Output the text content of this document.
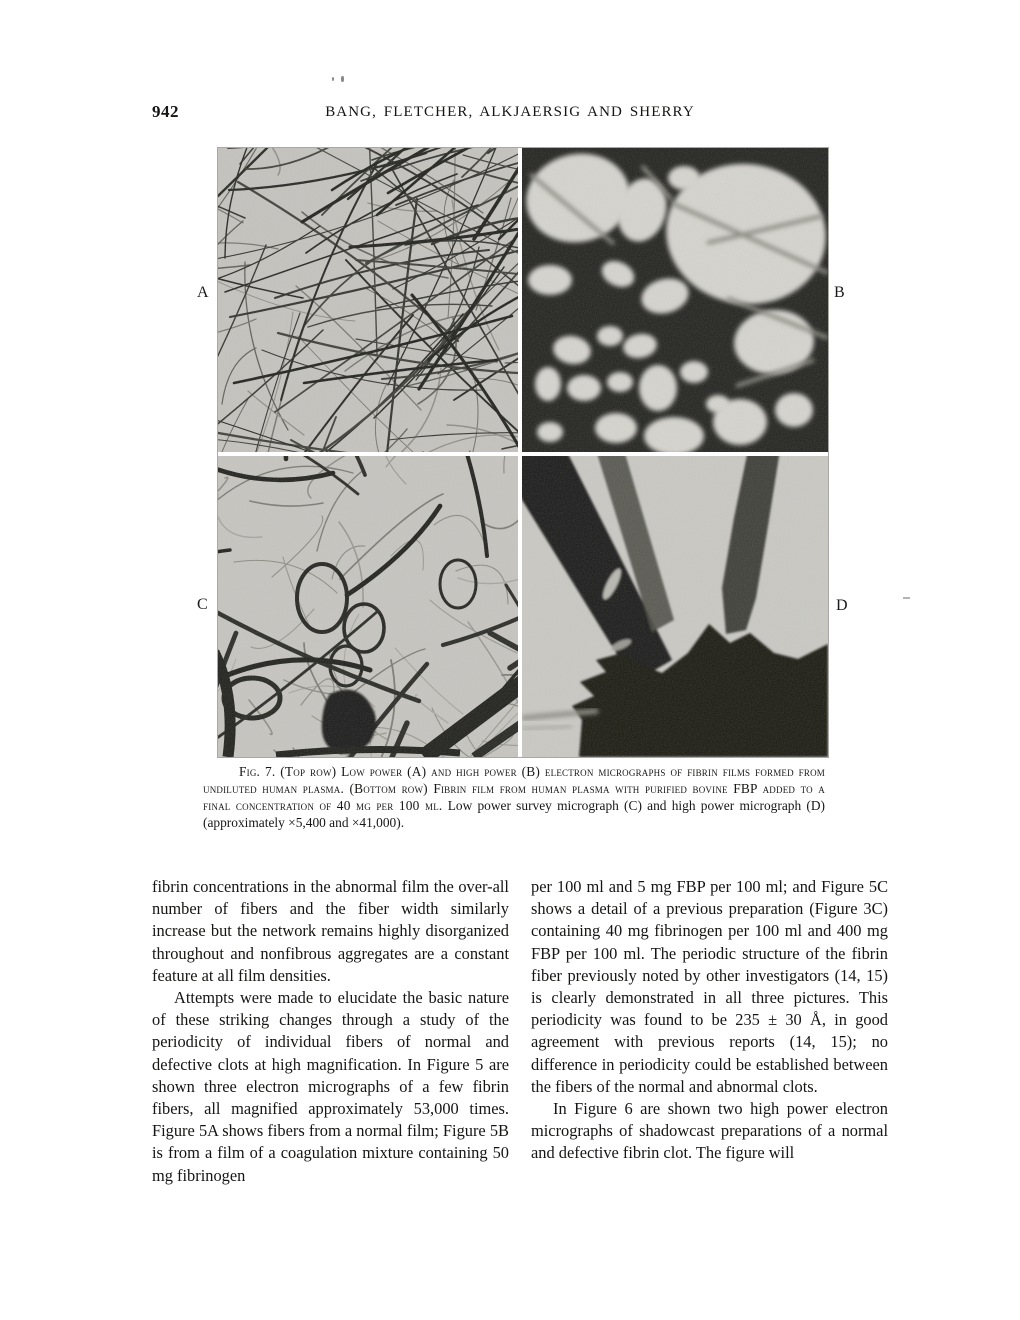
942	BANG, FLETCHER, ALKJAERSIG AND SHERRY
A	B
C	D
Fig. 7. (Top row) Low power (A) and high power (B) electron micrographs of fibrin films formed from undiluted human plasma. (Bottom row) Fibrin film from human plasma with purified bovine FBP added to a final concentration of 40 mg per 100 ml. Low power survey micrograph (C) and high power micrograph (D) (approximately ×5,400 and ×41,000).

fibrin concentrations in the abnormal film the over-all number of fibers and the fiber width similarly increase but the network remains highly disorganized throughout and nonfibrous aggregates are a constant feature at all film densities.

Attempts were made to elucidate the basic nature of these striking changes through a study of the periodicity of individual fibers of normal and defective clots at high magnification. In Figure 5 are shown three electron micrographs of a few fibrin fibers, all magnified approximately 53,000 times. Figure 5A shows fibers from a normal film; Figure 5B is from a film of a coagulation mixture containing 50 mg fibrinogen

per 100 ml and 5 mg FBP per 100 ml; and Figure 5C shows a detail of a previous preparation (Figure 3C) containing 40 mg fibrinogen per 100 ml and 400 mg FBP per 100 ml. The periodic structure of the fibrin fiber previously noted by other investigators (14, 15) is clearly demonstrated in all three pictures. This periodicity was found to be 235 ± 30 Å, in good agreement with previous reports (14, 15); no difference in periodicity could be established between the fibers of the normal and abnormal clots.

In Figure 6 are shown two high power electron micrographs of shadowcast preparations of a normal and defective fibrin clot. The figure will
